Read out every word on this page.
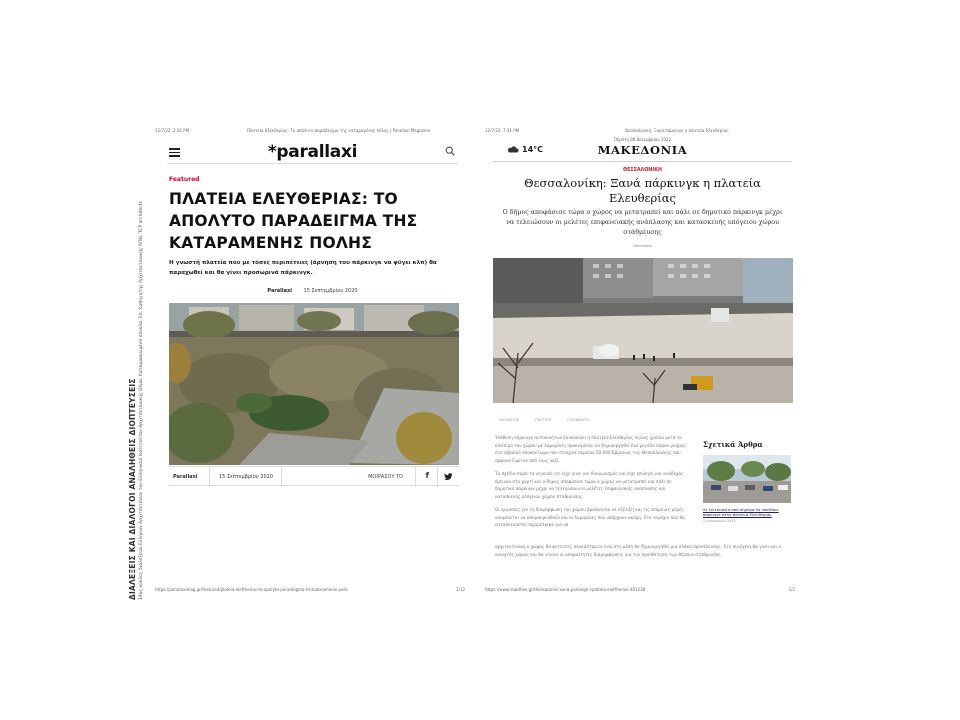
ΔΙΑΛΕΞΕΙΣ ΚΑΙ ΔΙΑΛΟΓΟΙ ΑΝΑΛΗΘΕΙΣ ΔΙΟΠΤΕΥΣΕΙΣ 19ος κύκλος διαλέξεων Ελλήνων Αρχιτεκτόνων του Ελληνικού Ινστιτούτου Αρχιτεκτονικής Θέμα: Καταρρακωμένα σύνολα, Επ. Καθηγητής Αρχιτεκτονικής ΑΠΘ, TCP architects
12/7/22, 2:22 PM	Πλατεία Ελευθερίας: Το απόλυτο παράδειγμα της καταραμένης πόλης | Parallaxi Magazine
*parallaxi
Featured
ΠΛΑΤΕΙΑ ΕΛΕΥΘΕΡΙΑΣ: ΤΟ ΑΠΟΛΥΤΟ ΠΑΡΑΔΕΙΓΜΑ ΤΗΣ ΚΑΤΑΡΑΜΕΝΗΣ ΠΟΛΗΣ
Η γνωστή πλατεία που με τόσες περιπέτειες (άρνηση του πάρκινγκ να φύγει κλπ) θα παραχωθεί και θα γίνει προσωρινά πάρκινγκ.
Parallaxi 15 Σεπτεμβρίου 2020
Parallaxi	15 Σεπτεμβρίου 2020	ΜΟΙΡΑΣΟΥ ΤΟ	f
https://parallaximag.gr/featured/plateia-eleftherias-to-apolyto-paradeigma-tis-kataramenis-polis	1/12
12/7/22, 7:31 PM	Θεσσαλονίκη: Ξανά πάρκινγκ η πλατεία Ελευθερίας
Πέμπτη 08 Δεκεμβρίου 2022
14°C	ΜΑΚΕΔΟΝΙΑ
ΘΕΣΣΑΛΟΝΙΚΗ
Θεσσαλονίκη: Ξανά πάρκινγκ η πλατεία Ελευθερίας
Ο δήμος αποφάσισε τώρα ο χώρος να μετατραπεί και πάλι σε δημοτικό πάρκινγκ μέχρι να τελειώσουν οι μελέτες επιφανειακής ανάπλασης και κατασκευής υπόγειου χώρου στάθμευσης
Newsroom
FACEBOOK	TWITTER	COMMENTS

Υπόθεση πάρκινγκ αυτοκινήτων ξανανοίγει η πλατεία Ελευθερίας λίγους χρόνια μετά το κλείσιμο του χώρου με λαμαρίνες προκειμένου να δημιουργηθεί ένα μεγάλο πάρκο μνήμης στο εβραϊκό ολοκαύτωμα που στοίχισε περίπου 50.000 Εβραίους της Θεσσαλονίκης που ορφανά ζωνταν από τους ναζί.

Τα σχέδια παρά τα γεγονός ότι είχε γίνει και διαγωνισμός και είχε επιλεγεί και ανάδοχος έμειναν στο χαρτί και ο δήμος αποφάσισε τώρα ο χώρος να μετατραπεί και πάλι σε δημοτικό πάρκινγκ μέχρι να τελειώσουν οι μελέτες επιφανειακής ανάπλασης και κατασκευής υπόγειου χώρου στάθμευσης.

Οι εργασίες για τη διαμόρφωση του χώρου βρίσκονται σε εξέλιξη και τις επόμενες μέρες αναμένεται να απομακρυνθούν και οι λαμαρίνες που υπάρχουν ακόμη. Στο τεμάχιο που θα κατασκευαστεί περιμετρικά για να

αρχιτεκτονική ο χώρος θα φυτευτεί, πλακόστρωτα ενώ στη μέση θα δημιουργηθεί μια πλάκα προσέλευσης. Στη συνέχεια θα γίνει και ο ανοιχτός χώρος και θα γίνουν οι απαραίτητες διαμορφώσεις για την προσθέτηση των θέσεων στάθμευσης.
Σχετικά Άρθρα
Σε λειτουργία από σήμερα το υπαίθριο πάρκινγκ στην πλατεία Ελευθερίας
2 Ιανουαρίου 2023
https://www.makthes.gr/thessaloniki-xana-parkingk-i-plateia-eleftherias-407238	1/2
